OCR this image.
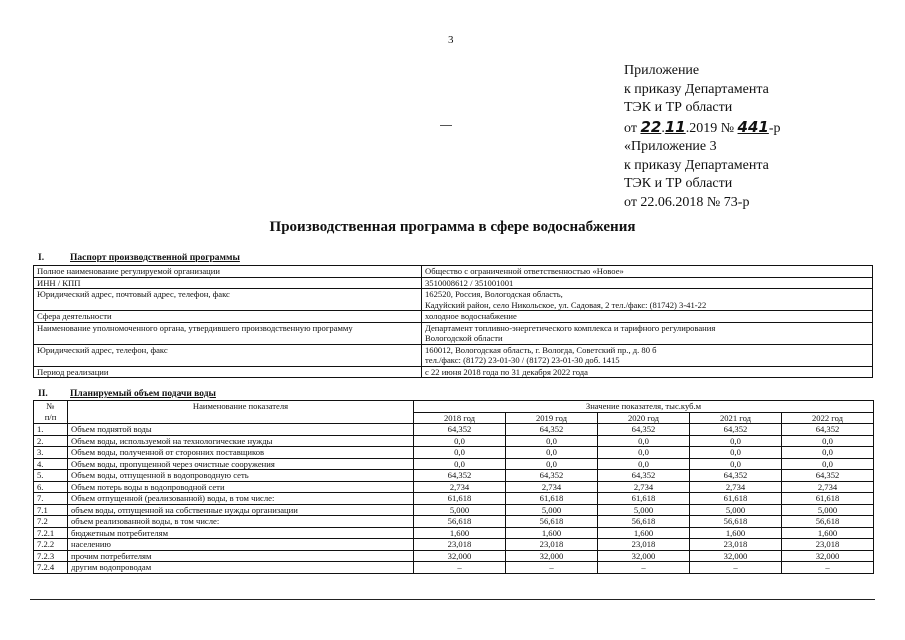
3
Приложение
к приказу Департамента
ТЭК и ТР области
от 22.11.2019 № 441-р
«Приложение 3
к приказу Департамента
ТЭК и ТР области
от 22.06.2018 № 73-р
Производственная программа в сфере водоснабжения
I.	Паспорт производственной программы
Полное наименование регулируемой организации	Общество с ограниченной ответственностью «Новое»

ИНН / КПП	3510008612 / 351001001

Юридический адрес, почтовый адрес, телефон, факс	162520, Россия, Вологодская область,
Кадуйский район, село Никольское, ул. Садовая, 2 тел./факс: (81742) 3-41-22

Сфера деятельности	холодное водоснабжение

Наименование уполномоченного органа, утвердившего производственную программу	Департамент топливно-энергетического комплекса и тарифного регулирования
Вологодской области

Юридический адрес, телефон, факс	160012, Вологодская область, г. Вологда, Советский пр., д. 80 б
тел./факс: (8172) 23-01-30 / (8172) 23-01-30 доб. 1415

Период реализации	с 22 июня 2018 года по 31 декабря 2022 года
II. Планируемый объем подачи воды
№
п/п	Наименование показателя	Значение показателя, тыс.куб.м				
		2018 год	2019 год	2020 год	2021 год	2022 год
1.	Объем поднятой воды	64,352	64,352	64,352	64,352	64,352
2.	Объем воды, используемой на технологические нужды	0,0	0,0	0,0	0,0	0,0
3.	Объем воды, полученной от сторонних поставщиков	0,0	0,0	0,0	0,0	0,0
4.	Объем воды, пропущенной через очистные сооружения	0,0	0,0	0,0	0,0	0,0
5.	Объем воды, отпущенной в водопроводную сеть	64,352	64,352	64,352	64,352	64,352
6.	Объем потерь воды в водопроводной сети	2,734	2,734	2,734	2,734	2,734
7.	Объем отпущенной (реализованной) воды, в том числе:	61,618	61,618	61,618	61,618	61,618
7.1	объем воды, отпущенной на собственные нужды организации	5,000	5,000	5,000	5,000	5,000
7.2	объем реализованной воды, в том числе:	56,618	56,618	56,618	56,618	56,618
7.2.1	бюджетным потребителям	1,600	1,600	1,600	1,600	1,600
7.2.2	населению	23,018	23,018	23,018	23,018	23,018
7.2.3	прочим потребителям	32,000	32,000	32,000	32,000	32,000
7.2.4	другим водопроводам	–	–	–	–	–
